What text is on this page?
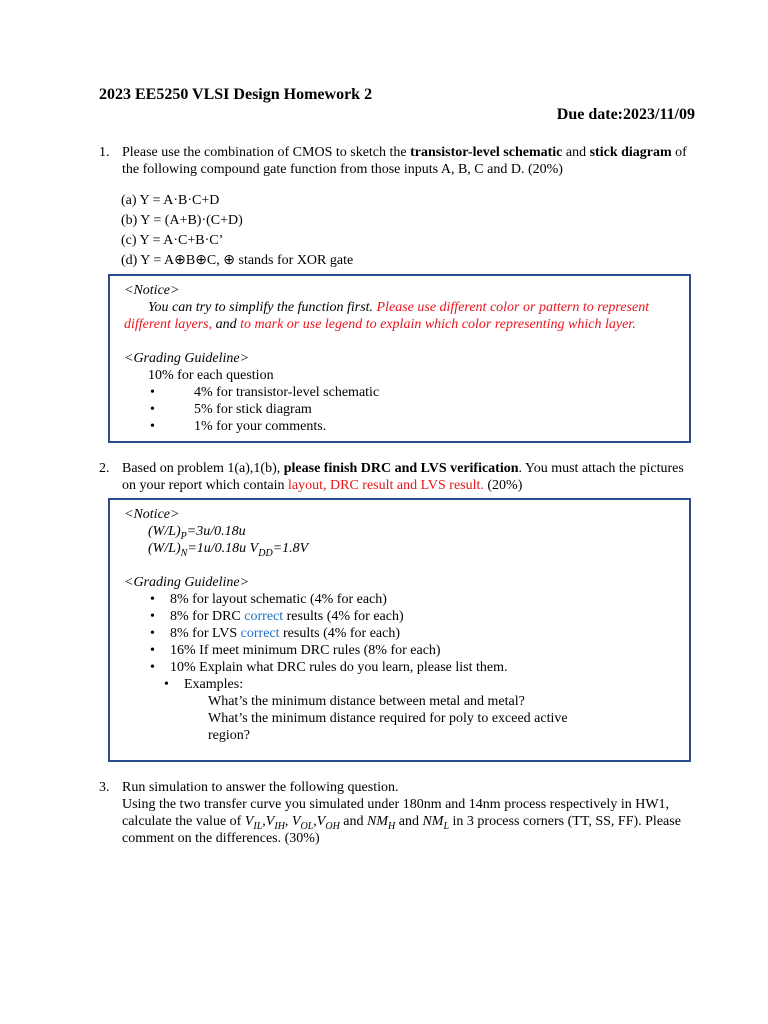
2023 EE5250 VLSI Design Homework 2
Due date:2023/11/09
1. Please use the combination of CMOS to sketch the transistor-level schematic and stick diagram of the following compound gate function from those inputs A, B, C and D. (20%)
(a) Y = A·B·C+D
(b) Y = (A+B)·(C+D)
(c) Y = A·C+B·C’
(d) Y = A⊕B⊕C, ⊕ stands for XOR gate
<Notice>
You can try to simplify the function first. Please use different color or pattern to represent different layers, and to mark or use legend to explain which color representing which layer.
<Grading Guideline>
10% for each question
• 4% for transistor-level schematic
• 5% for stick diagram
• 1% for your comments.
2. Based on problem 1(a),1(b), please finish DRC and LVS verification. You must attach the pictures on your report which contain layout, DRC result and LVS result. (20%)
<Notice>
$(W/L)_P=3u/0.18u$
$(W/L)_N=1u/0.18u$ $V_{DD}=1.8V$
<Grading Guideline>
• 8% for layout schematic (4% for each)
• 8% for DRC correct results (4% for each)
• 8% for LVS correct results (4% for each)
• 16% If meet minimum DRC rules (8% for each)
• 10% Explain what DRC rules do you learn, please list them.
• Examples:
What’s the minimum distance between metal and metal?
What’s the minimum distance required for poly to exceed active region?
3. Run simulation to answer the following question.
Using the two transfer curve you simulated under 180nm and 14nm process respectively in HW1, calculate the value of $V_{IL},V_{IH}$, $V_{OL},V_{OH}$ and $NM_H$ and $NM_L$ in 3 process corners (TT, SS, FF). Please comment on the differences. (30%)
